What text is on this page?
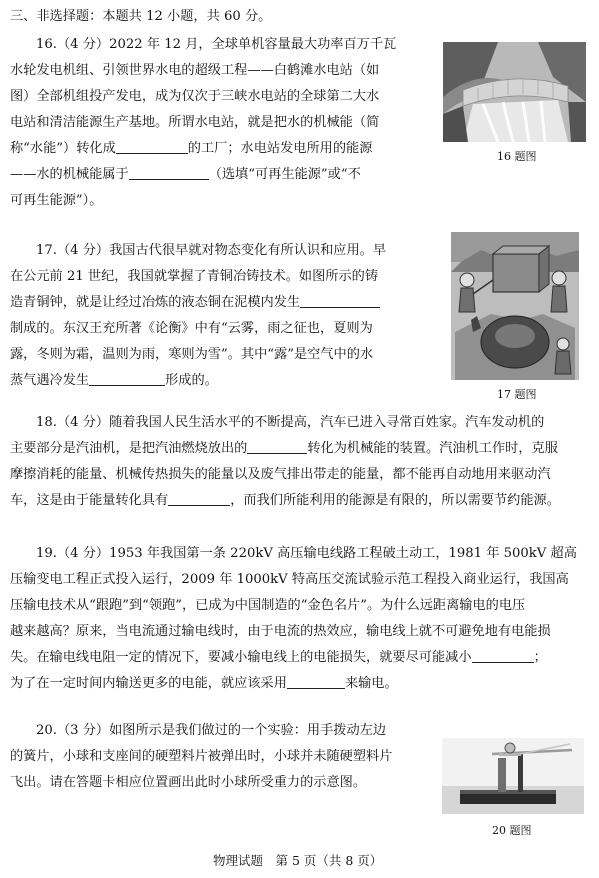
三、非选择题：本题共 12 小题，共 60 分。
16.（4 分）2022 年 12 月，全球单机容量最大功率百万千瓦
水轮发电机组、引领世界水电的超级工程——白鹤滩水电站（如
图）全部机组投产发电，成为仅次于三峡水电站的全球第二大水
电站和清洁能源生产基地。所谓水电站，就是把水的机械能（简
称“水能”）转化成	的工厂；水电站发电所用的能源
——水的机械能属于	（选填“可再生能源”或“不
可再生能源”）。
16 题图
17.（4 分）我国古代很早就对物态变化有所认识和应用。早
在公元前 21 世纪，我国就掌握了青铜冶铸技术。如图所示的铸
造青铜钟，就是让经过冶炼的液态铜在泥模内发生
制成的。东汉王充所著《论衡》中有“云雾，雨之征也，夏则为
露，冬则为霜，温则为雨，寒则为雪”。其中“露”是空气中的水
蒸气遇冷发生	形成的。
17 题图
18.（4 分）随着我国人民生活水平的不断提高，汽车已进入寻常百姓家。汽车发动机的
主要部分是汽油机，是把汽油燃烧放出的	转化为机械能的装置。汽油机工作时，克服
摩擦消耗的能量、机械传热损失的能量以及废气排出带走的能量，都不能再自动地用来驱动汽
车，这是由于能量转化具有	，而我们所能利用的能源是有限的，所以需要节约能源。
19.（4 分）1953 年我国第一条 220kV 高压输电线路工程破土动工，1981 年 500kV 超高
压输变电工程正式投入运行，2009 年 1000kV 特高压交流试验示范工程投入商业运行，我国高
压输电技术从“跟跑”到“领跑”，已成为中国制造的“金色名片”。为什么远距离输电的电压
越来越高？原来，当电流通过输电线时，由于电流的热效应，输电线上就不可避免地有电能损
失。在输电线电阻一定的情况下，要减小输电线上的电能损失，就要尽可能减小	；
为了在一定时间内输送更多的电能，就应该采用	来输电。
20.（3 分）如图所示是我们做过的一个实验：用手拨动左边
的簧片，小球和支座间的硬塑料片被弹出时，小球并未随硬塑料片
飞出。请在答题卡相应位置画出此时小球所受重力的示意图。
20 题图
物理试题　第 5 页（共 8 页）
